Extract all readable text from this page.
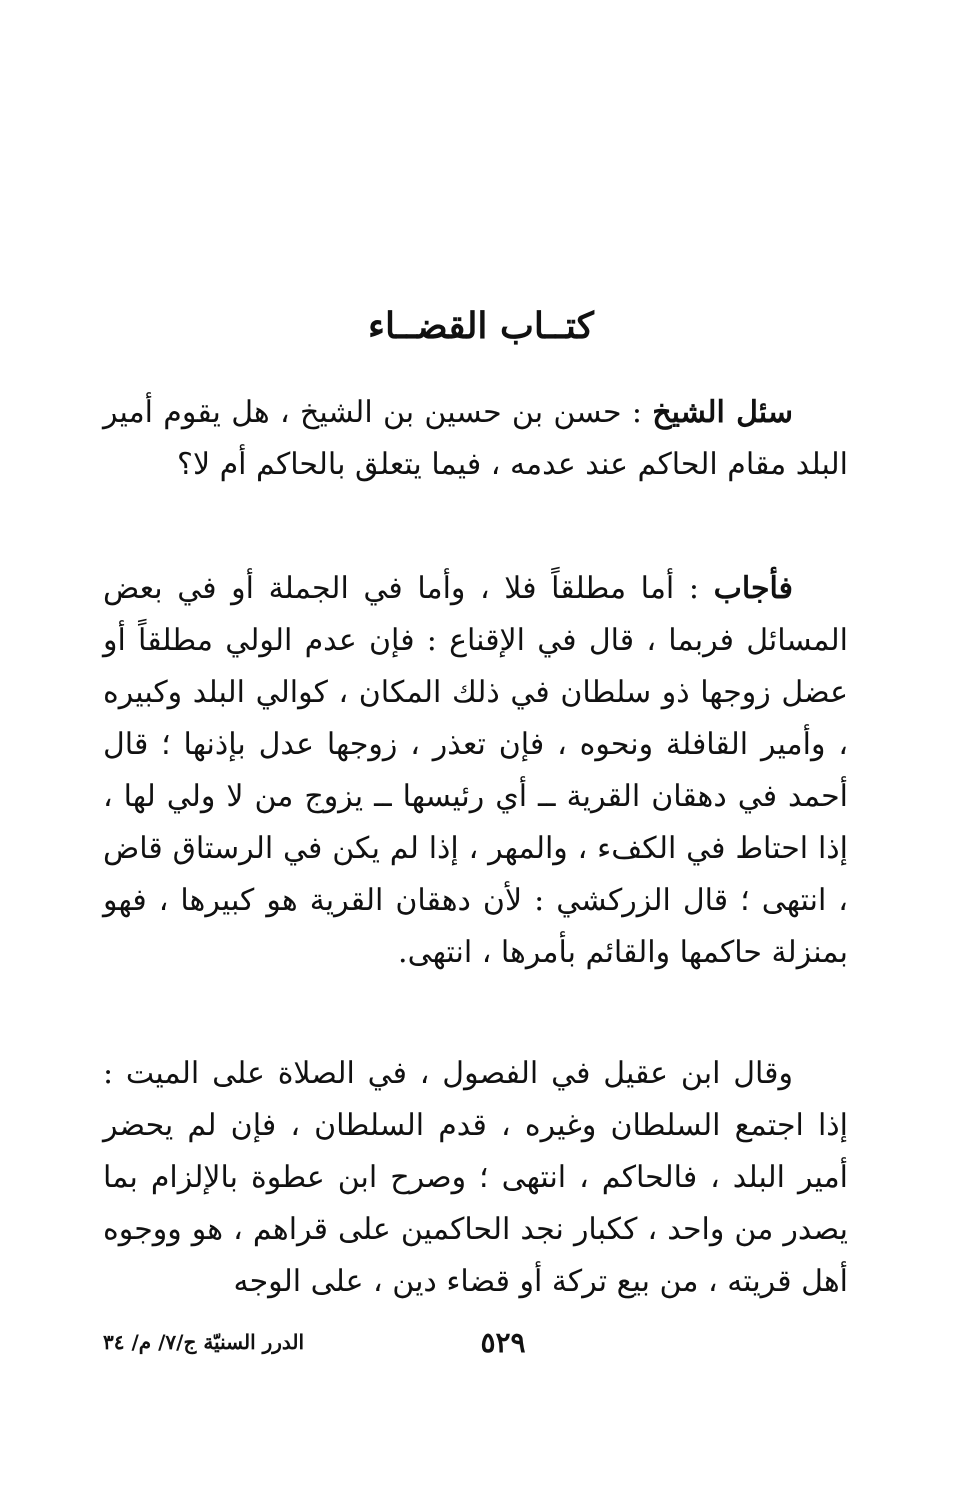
كتــاب القضــاء

سئل الشيخ : حسن بن حسين بن الشيخ ، هل يقوم أمير البلد مقام الحاكم عند عدمه ، فيما يتعلق بالحاكم أم لا؟

فأجاب : أما مطلقاً فلا ، وأما في الجملة أو في بعض المسائل فربما ، قال في الإقناع : فإن عدم الولي مطلقاً أو عضل زوجها ذو سلطان في ذلك المكان ، كوالي البلد وكبيره ، وأمير القافلة ونحوه ، فإن تعذر ، زوجها عدل بإذنها ؛ قال أحمد في دهقان القرية ــ أي رئيسها ــ يزوج من لا ولي لها ، إذا احتاط في الكفء ، والمهر ، إذا لم يكن في الرستاق قاض ، انتهى ؛ قال الزركشي : لأن دهقان القرية هو كبيرها ، فهو بمنزلة حاكمها والقائم بأمرها ، انتهى.

وقال ابن عقيل في الفصول ، في الصلاة على الميت : إذا اجتمع السلطان وغيره ، قدم السلطان ، فإن لم يحضر أمير البلد ، فالحاكم ، انتهى ؛ وصرح ابن عطوة بالإلزام بما يصدر من واحد ، ككبار نجد الحاكمين على قراهم ، هو ووجوه أهل قريته ، من بيع تركة أو قضاء دين ، على الوجه

٥٢٩
الدرر السنيّة ج/٧/ م/ ٣٤
